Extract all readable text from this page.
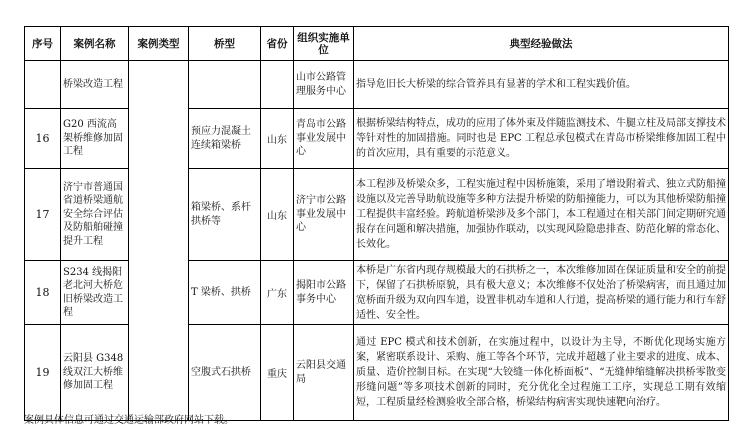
序号	案例名称	案例类型	桥型	省份	组织实施单位	典型经验做法
	桥梁改造工程				山市公路管理服务中心	指导危旧长大桥梁的综合管养具有显著的学术和工程实践价值。
16	G20 西流高架桥维修加固工程		预应力混凝土连续箱梁桥	山东	青岛市公路事业发展中心	根据桥梁结构特点，成功的应用了体外束及伴随监测技术、牛腿立柱及局部支撑技术等针对性的加固措施。同时也是 EPC 工程总承包模式在青岛市桥梁维修加固工程中的首次应用，具有重要的示范意义。
17	济宁市普通国省道桥梁通航安全综合评估及防船舶碰撞提升工程		箱梁桥、系杆拱桥等	山东	济宁市公路事业发展中心	本工程涉及桥梁众多，工程实施过程中因桥施策，采用了增设附着式、独立式防船撞设施以及完善导助航设施等多种方法提升桥梁的防船撞能力，可以为其他桥梁防船撞工程提供丰富经验。跨航道桥梁涉及多个部门，本工程通过在相关部门间定期研究通报存在问题和解决措施，加强协作联动，以实现风险隐患排查、防范化解的常态化、长效化。
18	S234 线揭阳老北河大桥危旧桥梁改造工程		T 梁桥、拱桥	广东	揭阳市公路事务中心	本桥是广东省内现存规模最大的石拱桥之一，本次维修加固在保证质量和安全的前提下，保留了石拱桥原貌，具有极大意义；本次维修不仅处治了桥梁病害，而且通过加宽桥面升级为双向四车道，设置非机动车道和人行道，提高桥梁的通行能力和行车舒适性、安全性。
19	云阳县 G348 线双江大桥维修加固工程		空腹式石拱桥	重庆	云阳县交通局	通过 EPC 模式和技术创新，在实施过程中，以设计为主导，不断优化现场实施方案，紧密联系设计、采购、施工等各个环节，完成并超越了业主要求的进度、成本、质量、造价控制目标。在实现“大铰缝一体化桥面板”、“无缝伸缩缝解决拱桥零散变形缝问题”等多项技术创新的同时，充分优化全过程施工工序，实现总工期有效缩短，工程质量经检测验收全部合格，桥梁结构病害实现快速靶向治疗。
案例具体信息可通过交通运输部政府网站下载。
